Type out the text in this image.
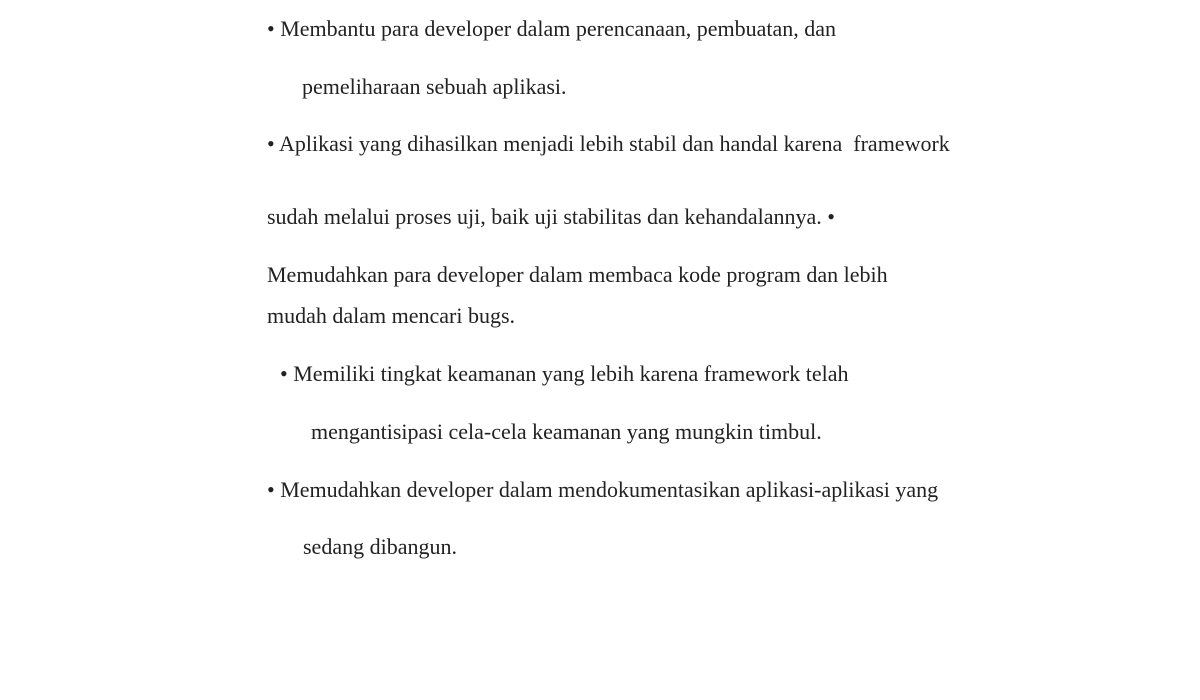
• Membantu para developer dalam perencanaan, pembuatan, dan

pemeliharaan sebuah aplikasi.

• Aplikasi yang dihasilkan menjadi lebih stabil dan handal karena  framework

sudah melalui proses uji, baik uji stabilitas dan kehandalannya. •

Memudahkan para developer dalam membaca kode program dan lebih

mudah dalam mencari bugs.

• Memiliki tingkat keamanan yang lebih karena framework telah

mengantisipasi cela-cela keamanan yang mungkin timbul.

• Memudahkan developer dalam mendokumentasikan aplikasi-aplikasi yang

sedang dibangun.
